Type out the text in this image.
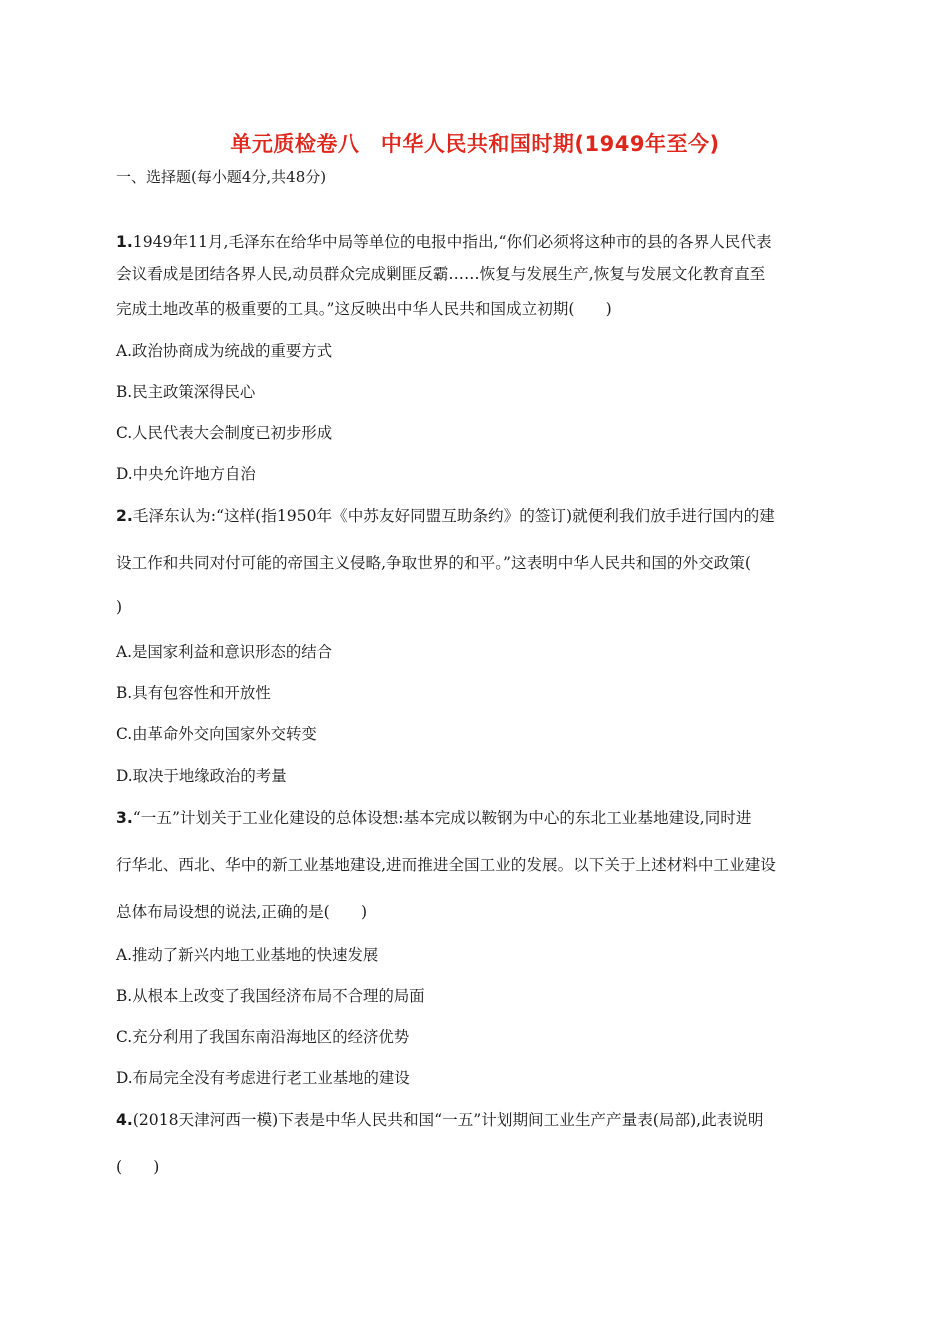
单元质检卷八　中华人民共和国时期(1949年至今)
一、选择题(每小题4分,共48分)
1.1949年11月,毛泽东在给华中局等单位的电报中指出,“你们必须将这种市的县的各界人民代表
会议看成是团结各界人民,动员群众完成剿匪反霸……恢复与发展生产,恢复与发展文化教育直至
完成土地改革的极重要的工具。”这反映出中华人民共和国成立初期(　　)
A.政治协商成为统战的重要方式
B.民主政策深得民心
C.人民代表大会制度已初步形成
D.中央允许地方自治
2.毛泽东认为:“这样(指1950年《中苏友好同盟互助条约》的签订)就便利我们放手进行国内的建
设工作和共同对付可能的帝国主义侵略,争取世界的和平。”这表明中华人民共和国的外交政策(
)
A.是国家利益和意识形态的结合
B.具有包容性和开放性
C.由革命外交向国家外交转变
D.取决于地缘政治的考量
3.“一五”计划关于工业化建设的总体设想:基本完成以鞍钢为中心的东北工业基地建设,同时进
行华北、西北、华中的新工业基地建设,进而推进全国工业的发展。以下关于上述材料中工业建设
总体布局设想的说法,正确的是(　　)
A.推动了新兴内地工业基地的快速发展
B.从根本上改变了我国经济布局不合理的局面
C.充分利用了我国东南沿海地区的经济优势
D.布局完全没有考虑进行老工业基地的建设
4.(2018天津河西一模)下表是中华人民共和国“一五”计划期间工业生产产量表(局部),此表说明
(　　)
